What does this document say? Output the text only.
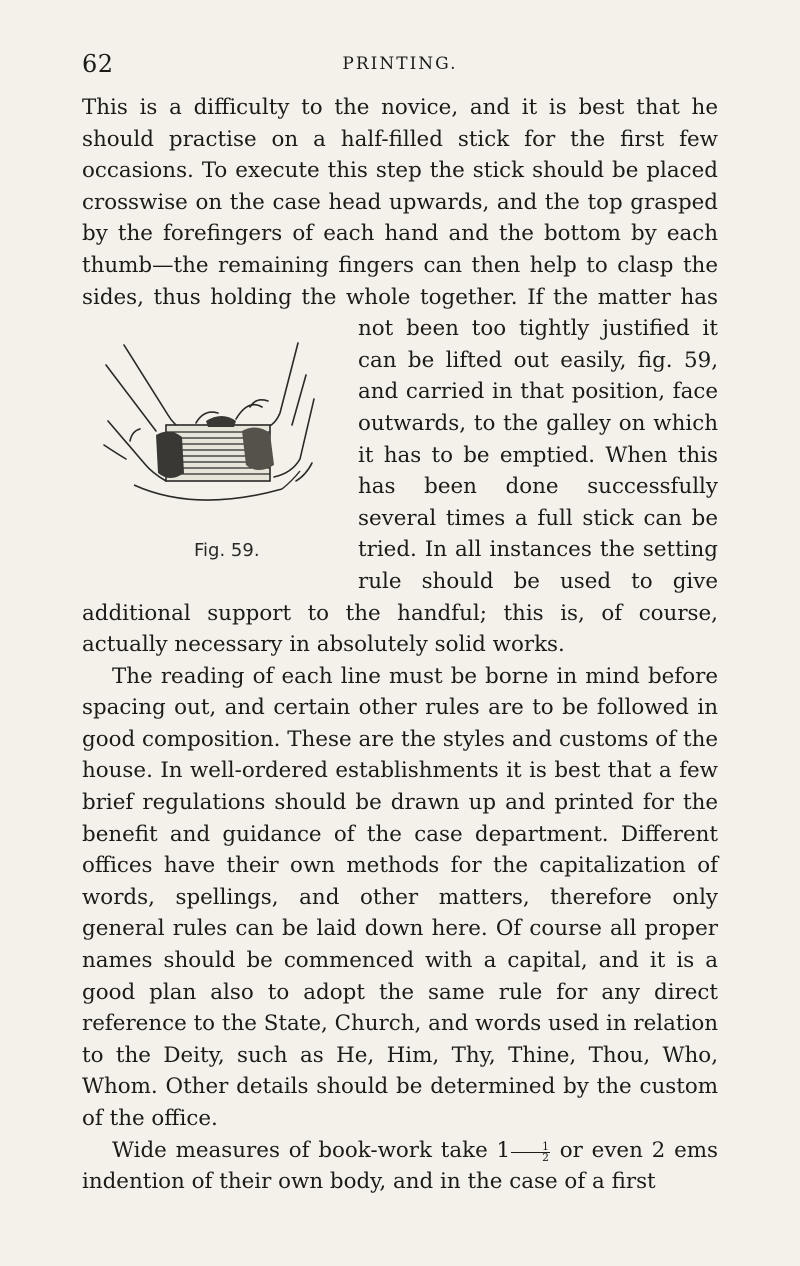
62	PRINTING.

This is a difficulty to the novice, and it is best that he should practise on a half-filled stick for the first few occasions. To execute this step the stick should be placed crosswise on the case head upwards, and the top grasped by the forefingers of each hand and the bottom by each thumb—the remaining fingers can then help to clasp the sides, thus holding the whole together. If the matter has not been too tightly
Fig. 59.
justified it can be lifted out easily, fig. 59, and carried in that position, face outwards, to the galley on which it has to be emptied. When this has been done successfully several times a full stick can be tried. In all instances the setting rule should be used to give additional support to the handful; this is, of course, actually necessary in absolutely solid works.

The reading of each line must be borne in mind before spacing out, and certain other rules are to be followed in good composition. These are the styles and customs of the house. In well-ordered establishments it is best that a few brief regulations should be drawn up and printed for the benefit and guidance of the case department. Different offices have their own methods for the capitalization of words, spellings, and other matters, therefore only general rules can be laid down here. Of course all proper names should be commenced with a capital, and it is a good plan also to adopt the same rule for any direct reference to the State, Church, and words used in relation to the Deity, such as He, Him, Thy, Thine, Thou, Who, Whom. Other details should be determined by the custom of the office.

Wide measures of book-work take $1 \frac{1}{2}$ or even 2 ems indention of their own body, and in the case of a first
